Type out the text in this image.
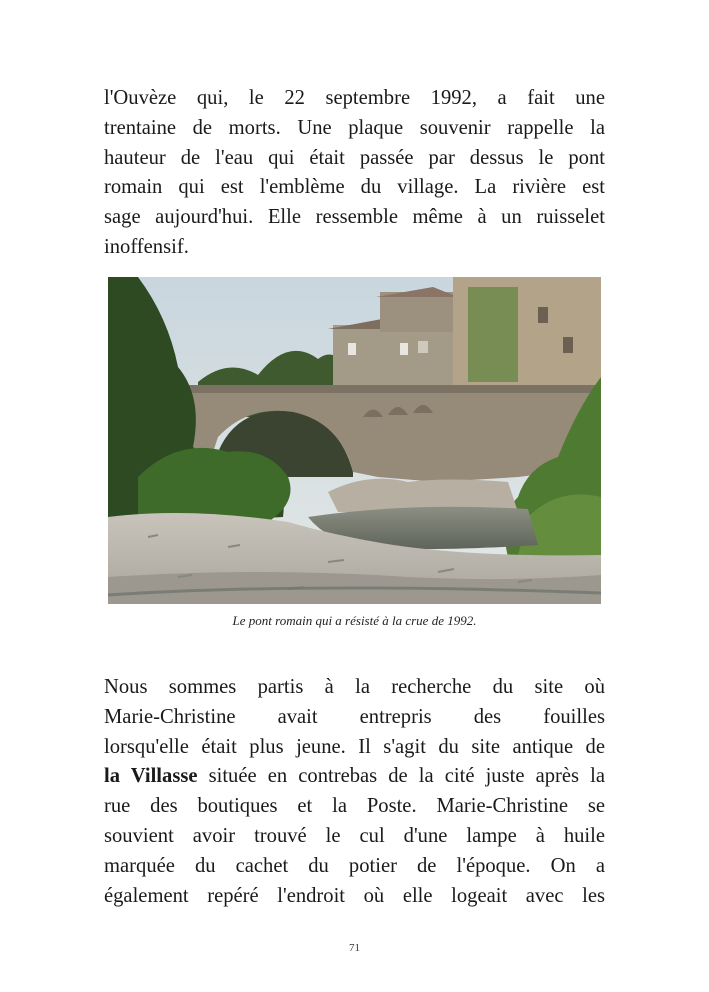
l'Ouvèze qui, le 22 septembre 1992, a fait une
trentaine de morts. Une plaque souvenir rappelle la
hauteur de l'eau qui était passée par dessus le pont
romain qui est l'emblème du village. La rivière est
sage aujourd'hui. Elle ressemble même à un ruisselet
inoffensif.
Le pont romain qui a résisté à la crue de 1992.
Nous sommes partis à la recherche du site où
Marie-Christine avait entrepris des fouilles
lorsqu'elle était plus jeune. Il s'agit du site antique de
la Villasse située en contrebas de la cité juste après la
rue des boutiques et la Poste. Marie-Christine se
souvient avoir trouvé le cul d'une lampe à huile
marquée du cachet du potier de l'époque. On a
également repéré l'endroit où elle logeait avec les
71
